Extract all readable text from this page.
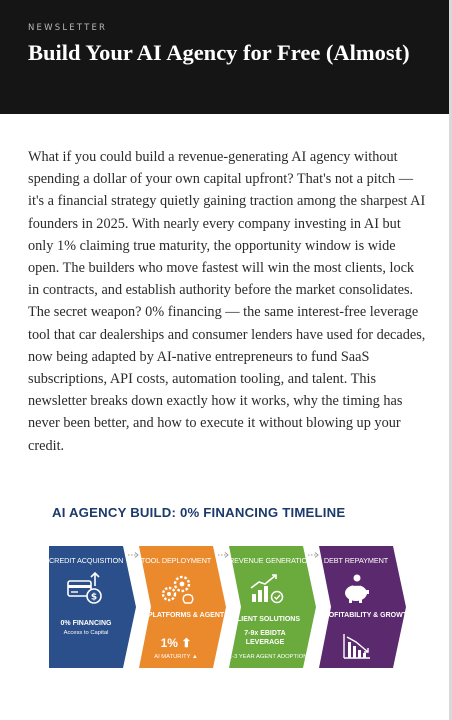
NEWSLETTER
Build Your AI Agency for Free (Almost)

What if you could build a revenue-generating AI agency without spending a dollar of your own capital upfront? That's not a pitch — it's a financial strategy quietly gaining traction among the sharpest AI founders in 2025. With nearly every company investing in AI but only 1% claiming true maturity, the opportunity window is wide open. The builders who move fastest will win the most clients, lock in contracts, and establish authority before the market consolidates. The secret weapon? 0% financing — the same interest-free leverage tool that car dealerships and consumer lenders have used for decades, now being adapted by AI-native entrepreneurs to fund SaaS subscriptions, API costs, automation tooling, and talent. This newsletter breaks down exactly how it works, why the timing has never been better, and how to execute it without blowing up your credit.

AI AGENCY BUILD: 0% FINANCING TIMELINE
CREDIT ACQUISITION
$
0% FINANCING
Access to Capital
TOOL DEPLOYMENT
AI PLATFORMS & AGENTS
1% ⬆
AI MATURITY ▲
REVENUE GENERATION
CLIENT SOLUTIONS
7-9x EBIDTA LEVERAGE
1-3 YEAR AGENT ADOPTION
DEBT REPAYMENT
PROFITABILITY & GROWTH
